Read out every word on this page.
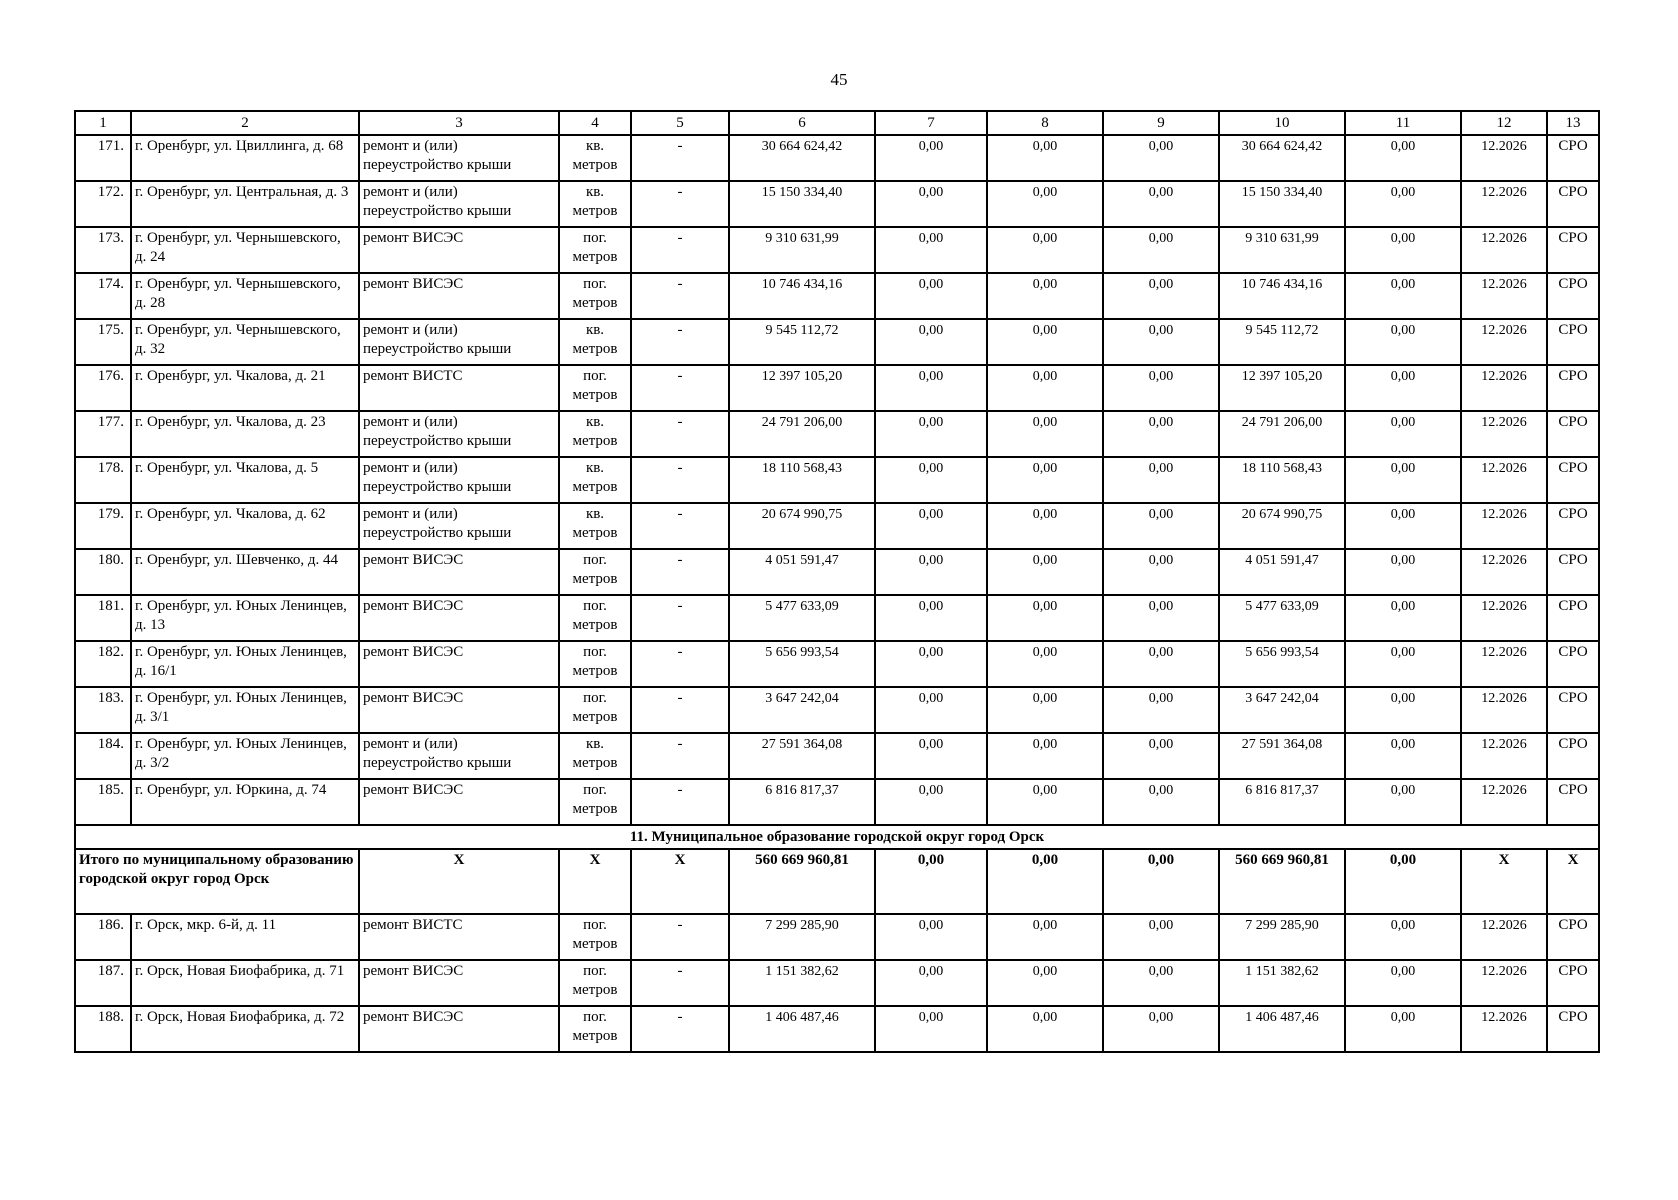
45
1	2	3	4	5	6	7	8	9	10	11	12	13
171.	г. Оренбург, ул. Цвиллинга, д. 68	ремонт и (или) переустройство крыши	кв. метров	-	30 664 624,42	0,00	0,00	0,00	30 664 624,42	0,00	12.2026	СРО
172.	г. Оренбург, ул. Центральная, д. 3	ремонт и (или) переустройство крыши	кв. метров	-	15 150 334,40	0,00	0,00	0,00	15 150 334,40	0,00	12.2026	СРО
173.	г. Оренбург, ул. Чернышевского, д. 24	ремонт ВИСЭС	пог. метров	-	9 310 631,99	0,00	0,00	0,00	9 310 631,99	0,00	12.2026	СРО
174.	г. Оренбург, ул. Чернышевского, д. 28	ремонт ВИСЭС	пог. метров	-	10 746 434,16	0,00	0,00	0,00	10 746 434,16	0,00	12.2026	СРО
175.	г. Оренбург, ул. Чернышевского, д. 32	ремонт и (или) переустройство крыши	кв. метров	-	9 545 112,72	0,00	0,00	0,00	9 545 112,72	0,00	12.2026	СРО
176.	г. Оренбург, ул. Чкалова, д. 21	ремонт ВИСТС	пог. метров	-	12 397 105,20	0,00	0,00	0,00	12 397 105,20	0,00	12.2026	СРО
177.	г. Оренбург, ул. Чкалова, д. 23	ремонт и (или) переустройство крыши	кв. метров	-	24 791 206,00	0,00	0,00	0,00	24 791 206,00	0,00	12.2026	СРО
178.	г. Оренбург, ул. Чкалова, д. 5	ремонт и (или) переустройство крыши	кв. метров	-	18 110 568,43	0,00	0,00	0,00	18 110 568,43	0,00	12.2026	СРО
179.	г. Оренбург, ул. Чкалова, д. 62	ремонт и (или) переустройство крыши	кв. метров	-	20 674 990,75	0,00	0,00	0,00	20 674 990,75	0,00	12.2026	СРО
180.	г. Оренбург, ул. Шевченко, д. 44	ремонт ВИСЭС	пог. метров	-	4 051 591,47	0,00	0,00	0,00	4 051 591,47	0,00	12.2026	СРО
181.	г. Оренбург, ул. Юных Ленинцев, д. 13	ремонт ВИСЭС	пог. метров	-	5 477 633,09	0,00	0,00	0,00	5 477 633,09	0,00	12.2026	СРО
182.	г. Оренбург, ул. Юных Ленинцев, д. 16/1	ремонт ВИСЭС	пог. метров	-	5 656 993,54	0,00	0,00	0,00	5 656 993,54	0,00	12.2026	СРО
183.	г. Оренбург, ул. Юных Ленинцев, д. 3/1	ремонт ВИСЭС	пог. метров	-	3 647 242,04	0,00	0,00	0,00	3 647 242,04	0,00	12.2026	СРО
184.	г. Оренбург, ул. Юных Ленинцев, д. 3/2	ремонт и (или) переустройство крыши	кв. метров	-	27 591 364,08	0,00	0,00	0,00	27 591 364,08	0,00	12.2026	СРО
185.	г. Оренбург, ул. Юркина, д. 74	ремонт ВИСЭС	пог. метров	-	6 816 817,37	0,00	0,00	0,00	6 816 817,37	0,00	12.2026	СРО
11. Муниципальное образование городской округ город Орск												
Итого по муниципальному образованию городской округ город Орск		X	X	X	560 669 960,81	0,00	0,00	0,00	560 669 960,81	0,00	X	X
186.	г. Орск, мкр. 6-й, д. 11	ремонт ВИСТС	пог. метров	-	7 299 285,90	0,00	0,00	0,00	7 299 285,90	0,00	12.2026	СРО
187.	г. Орск, Новая Биофабрика, д. 71	ремонт ВИСЭС	пог. метров	-	1 151 382,62	0,00	0,00	0,00	1 151 382,62	0,00	12.2026	СРО
188.	г. Орск, Новая Биофабрика, д. 72	ремонт ВИСЭС	пог. метров	-	1 406 487,46	0,00	0,00	0,00	1 406 487,46	0,00	12.2026	СРО
